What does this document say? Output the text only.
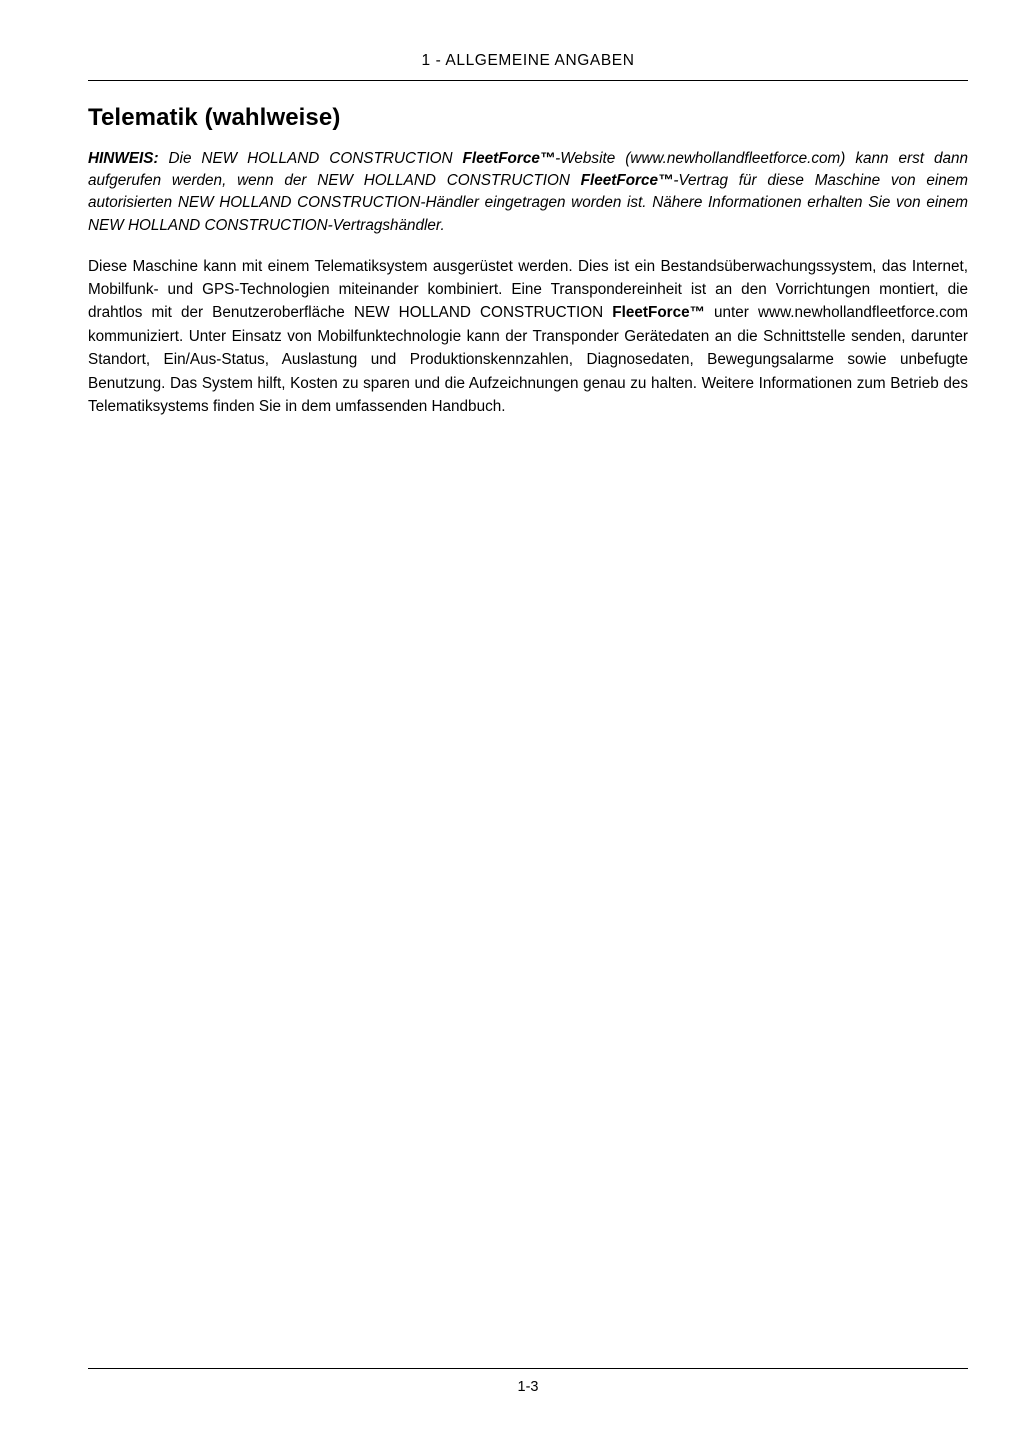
1 - ALLGEMEINE ANGABEN
Telematik (wahlweise)

HINWEIS: Die NEW HOLLAND CONSTRUCTION FleetForce™-Website (www.newhollandfleetforce.com) kann erst dann aufgerufen werden, wenn der NEW HOLLAND CONSTRUCTION FleetForce™-Vertrag für diese Maschine von einem autorisierten NEW HOLLAND CONSTRUCTION-Händler eingetragen worden ist. Nähere Informationen erhalten Sie von einem NEW HOLLAND CONSTRUCTION-Vertragshändler.

Diese Maschine kann mit einem Telematiksystem ausgerüstet werden. Dies ist ein Bestandsüberwachungssystem, das Internet, Mobilfunk- und GPS-Technologien miteinander kombiniert. Eine Transpondereinheit ist an den Vorrichtungen montiert, die drahtlos mit der Benutzeroberfläche NEW HOLLAND CONSTRUCTION FleetForce™ unter www.newhollandfleetforce.com kommuniziert. Unter Einsatz von Mobilfunktechnologie kann der Transponder Gerätedaten an die Schnittstelle senden, darunter Standort, Ein/Aus-Status, Auslastung und Produktionskennzahlen, Diagnosedaten, Bewegungsalarme sowie unbefugte Benutzung. Das System hilft, Kosten zu sparen und die Aufzeichnungen genau zu halten. Weitere Informationen zum Betrieb des Telematiksystems finden Sie in dem umfassenden Handbuch.

1-3
